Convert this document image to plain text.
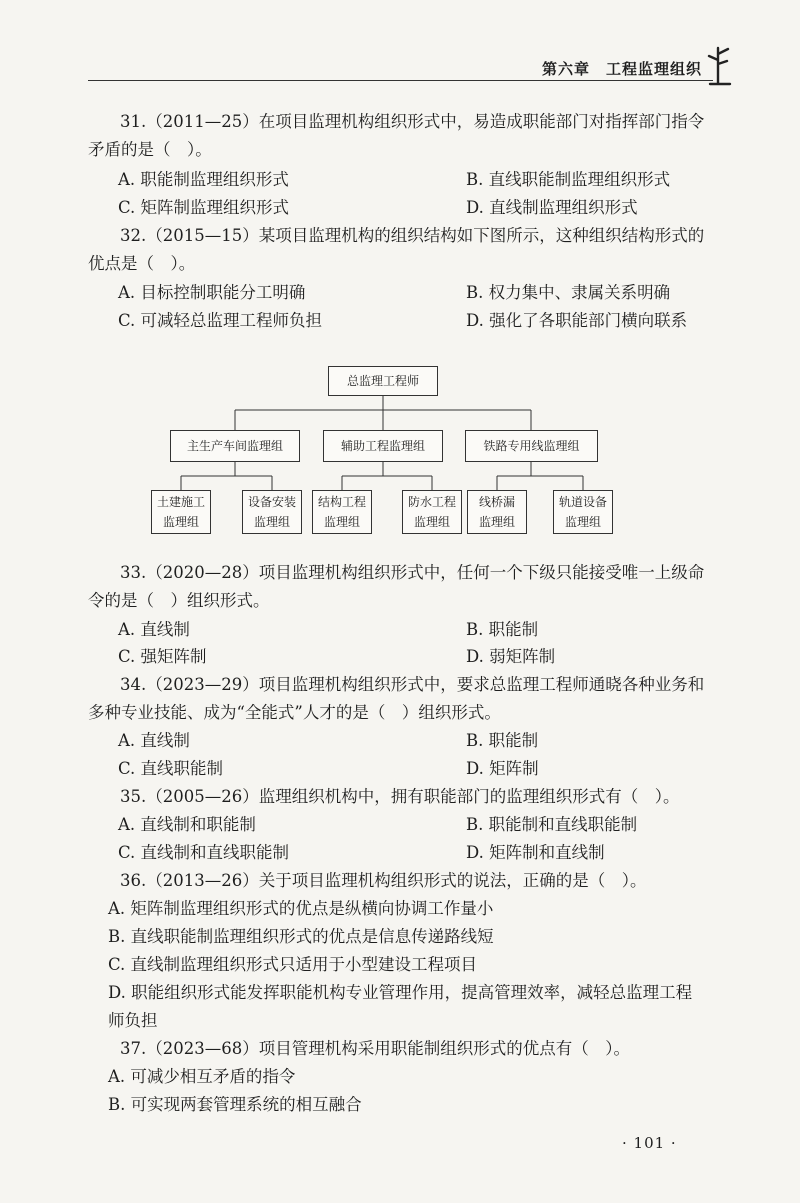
第六章　工程监理组织
31.（2011—25）在项目监理机构组织形式中，易造成职能部门对指挥部门指令矛盾的是（　）。
A. 职能制监理组织形式	B. 直线职能制监理组织形式
C. 矩阵制监理组织形式	D. 直线制监理组织形式
32.（2015—15）某项目监理机构的组织结构如下图所示，这种组织结构形式的优点是（　）。
A. 目标控制职能分工明确	B. 权力集中、隶属关系明确
C. 可减轻总监理工程师负担	D. 强化了各职能部门横向联系
总监理工程师
主生产车间监理组	辅助工程监理组	铁路专用线监理组
土建施工
监理组
设备安装
监理组
结构工程
监理组
防水工程
监理组
线桥漏
监理组
轨道设备
监理组
33.（2020—28）项目监理机构组织形式中，任何一个下级只能接受唯一上级命令的是（　）组织形式。
A. 直线制	B. 职能制
C. 强矩阵制	D. 弱矩阵制
34.（2023—29）项目监理机构组织形式中，要求总监理工程师通晓各种业务和多种专业技能、成为“全能式”人才的是（　）组织形式。
A. 直线制	B. 职能制
C. 直线职能制	D. 矩阵制
35.（2005—26）监理组织机构中，拥有职能部门的监理组织形式有（　）。
A. 直线制和职能制	B. 职能制和直线职能制
C. 直线制和直线职能制	D. 矩阵制和直线制
36.（2013—26）关于项目监理机构组织形式的说法，正确的是（　）。
A. 矩阵制监理组织形式的优点是纵横向协调工作量小
B. 直线职能制监理组织形式的优点是信息传递路线短
C. 直线制监理组织形式只适用于小型建设工程项目
D. 职能组织形式能发挥职能机构专业管理作用，提高管理效率，减轻总监理工程师负担
37.（2023—68）项目管理机构采用职能制组织形式的优点有（　）。
A. 可减少相互矛盾的指令
B. 可实现两套管理系统的相互融合
· 101 ·
